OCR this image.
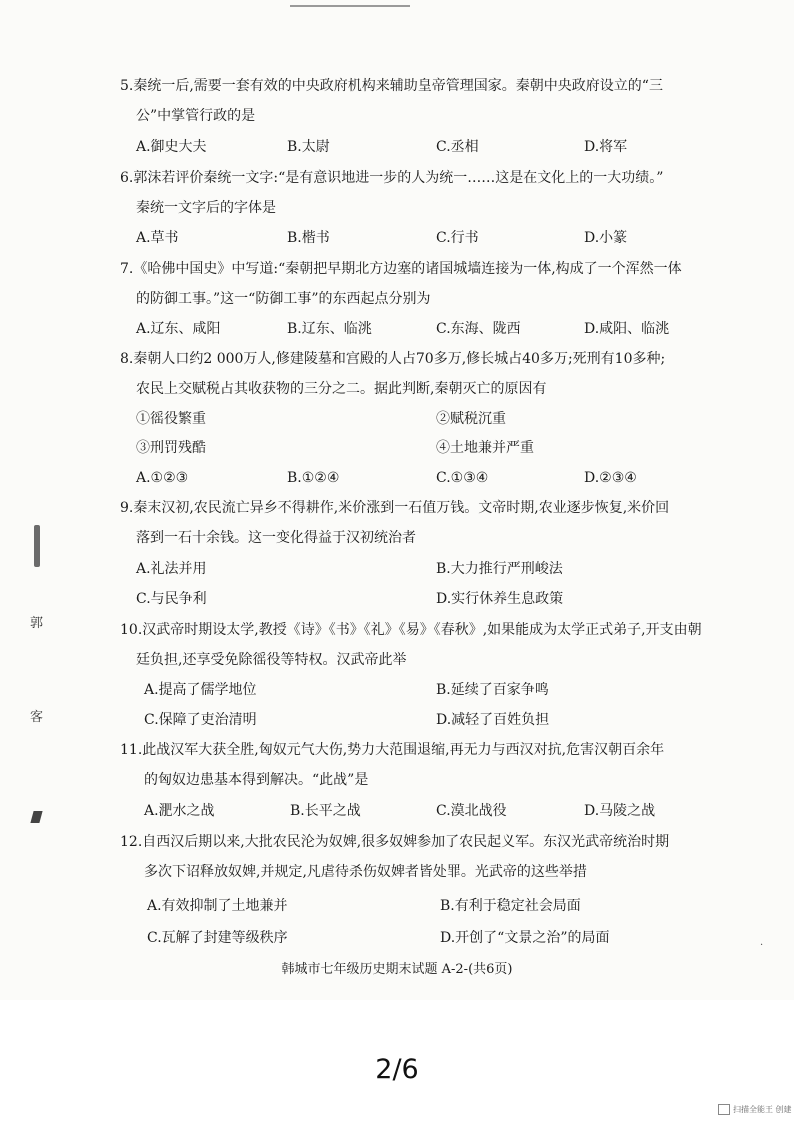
5.秦统一后,需要一套有效的中央政府机构来辅助皇帝管理国家。秦朝中央政府设立的“三
公”中掌管行政的是
A.御史大夫	B.太尉	C.丞相	D.将军
6.郭沫若评价秦统一文字:“是有意识地进一步的人为统一……这是在文化上的一大功绩。”
秦统一文字后的字体是
A.草书	B.楷书	C.行书	D.小篆
7.《哈佛中国史》中写道:“秦朝把早期北方边塞的诸国城墙连接为一体,构成了一个浑然一体
的防御工事。”这一“防御工事”的东西起点分别为
A.辽东、咸阳	B.辽东、临洮	C.东海、陇西	D.咸阳、临洮
8.秦朝人口约2 000万人,修建陵墓和宫殿的人占70多万,修长城占40多万;死刑有10多种;
农民上交赋税占其收获物的三分之二。据此判断,秦朝灭亡的原因有
①徭役繁重	②赋税沉重
③刑罚残酷	④土地兼并严重
A.①②③	B.①②④	C.①③④	D.②③④
9.秦末汉初,农民流亡异乡不得耕作,米价涨到一石值万钱。文帝时期,农业逐步恢复,米价回
落到一石十余钱。这一变化得益于汉初统治者
A.礼法并用	B.大力推行严刑峻法
C.与民争利	D.实行休养生息政策
10.汉武帝时期设太学,教授《诗》《书》《礼》《易》《春秋》,如果能成为太学正式弟子,开支由朝
廷负担,还享受免除徭役等特权。汉武帝此举
A.提高了儒学地位	B.延续了百家争鸣
C.保障了吏治清明	D.减轻了百姓负担
11.此战汉军大获全胜,匈奴元气大伤,势力大范围退缩,再无力与西汉对抗,危害汉朝百余年
的匈奴边患基本得到解决。“此战”是
A.淝水之战	B.长平之战	C.漠北战役	D.马陵之战
12.自西汉后期以来,大批农民沦为奴婢,很多奴婢参加了农民起义军。东汉光武帝统治时期
多次下诏释放奴婢,并规定,凡虐待杀伤奴婢者皆处罪。光武帝的这些举措
A.有效抑制了土地兼并	B.有利于稳定社会局面
C.瓦解了封建等级秩序	D.开创了“文景之治”的局面
郭
客
·
韩城市七年级历史期末试题 A-2-(共6页)
2/6
扫描全能王 创建
